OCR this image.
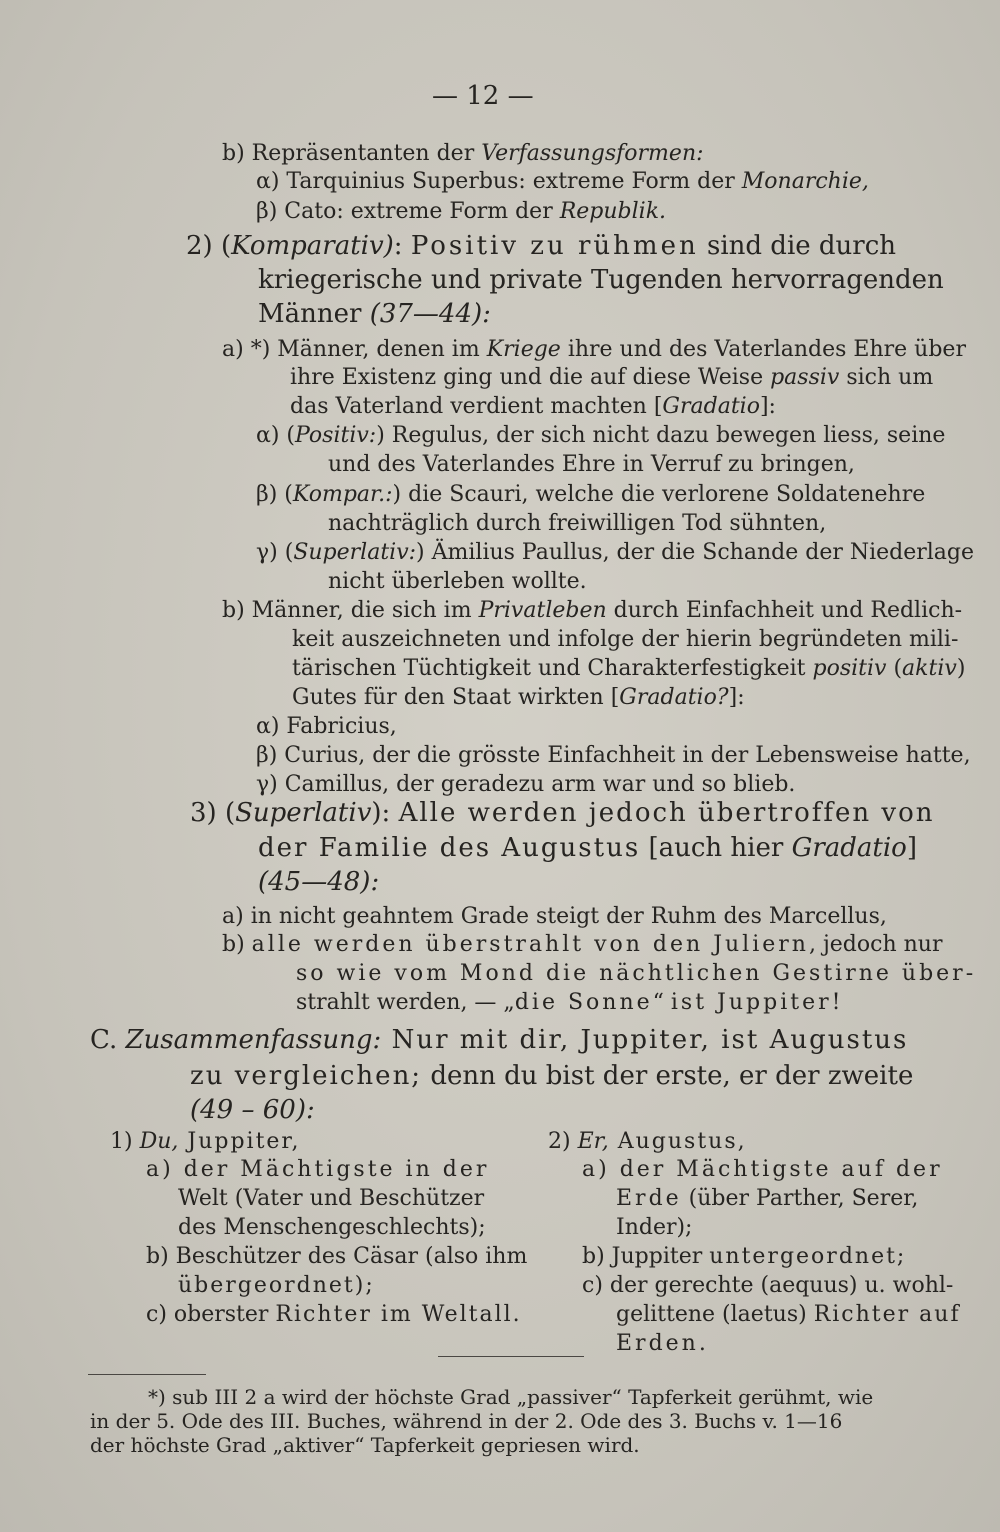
— 12 —
b) Repräsentanten der Verfassungsformen:
α) Tarquinius Superbus: extreme Form der Monarchie,
β) Cato: extreme Form der Republik.
2) (Komparativ): Positiv zu rühmen sind die durch
kriegerische und private Tugenden hervorragenden
Männer (37—44):
a) *) Männer, denen im Kriege ihre und des Vaterlandes Ehre über
ihre Existenz ging und die auf diese Weise passiv sich um
das Vaterland verdient machten [Gradatio]:
α) (Positiv:) Regulus, der sich nicht dazu bewegen liess, seine
und des Vaterlandes Ehre in Verruf zu bringen,
β) (Kompar.:) die Scauri, welche die verlorene Soldatenehre
nachträglich durch freiwilligen Tod sühnten,
γ) (Superlativ:) Ämilius Paullus, der die Schande der Niederlage
nicht überleben wollte.
b) Männer, die sich im Privatleben durch Einfachheit und Redlich-
keit auszeichneten und infolge der hierin begründeten mili-
tärischen Tüchtigkeit und Charakterfestigkeit positiv (aktiv)
Gutes für den Staat wirkten [Gradatio?]:
α) Fabricius,
β) Curius, der die grösste Einfachheit in der Lebensweise hatte,
γ) Camillus, der geradezu arm war und so blieb.
3) (Superlativ): Alle werden jedoch übertroffen von
der Familie des Augustus [auch hier Gradatio]
(45—48):
a) in nicht geahntem Grade steigt der Ruhm des Marcellus,
b) alle werden überstrahlt von den Juliern, jedoch nur
so wie vom Mond die nächtlichen Gestirne über-
strahlt werden, — „die Sonne“ ist Juppiter!
C. Zusammenfassung: Nur mit dir, Juppiter, ist Augustus
zu vergleichen; denn du bist der erste, er der zweite
(49 – 60):
1) Du, Juppiter,
a) der Mächtigste in der
Welt (Vater und Beschützer
des Menschengeschlechts);
b) Beschützer des Cäsar (also ihm
übergeordnet);
c) oberster Richter im Weltall.
2) Er, Augustus,
a) der Mächtigste auf der
Erde (über Parther, Serer,
Inder);
b) Juppiter untergeordnet;
c) der gerechte (aequus) u. wohl-
gelittene (laetus) Richter auf
Erden.
*) sub III 2 a wird der höchste Grad „passiver“ Tapferkeit gerühmt, wie
in der 5. Ode des III. Buches, während in der 2. Ode des 3. Buchs v. 1—16
der höchste Grad „aktiver“ Tapferkeit gepriesen wird.
